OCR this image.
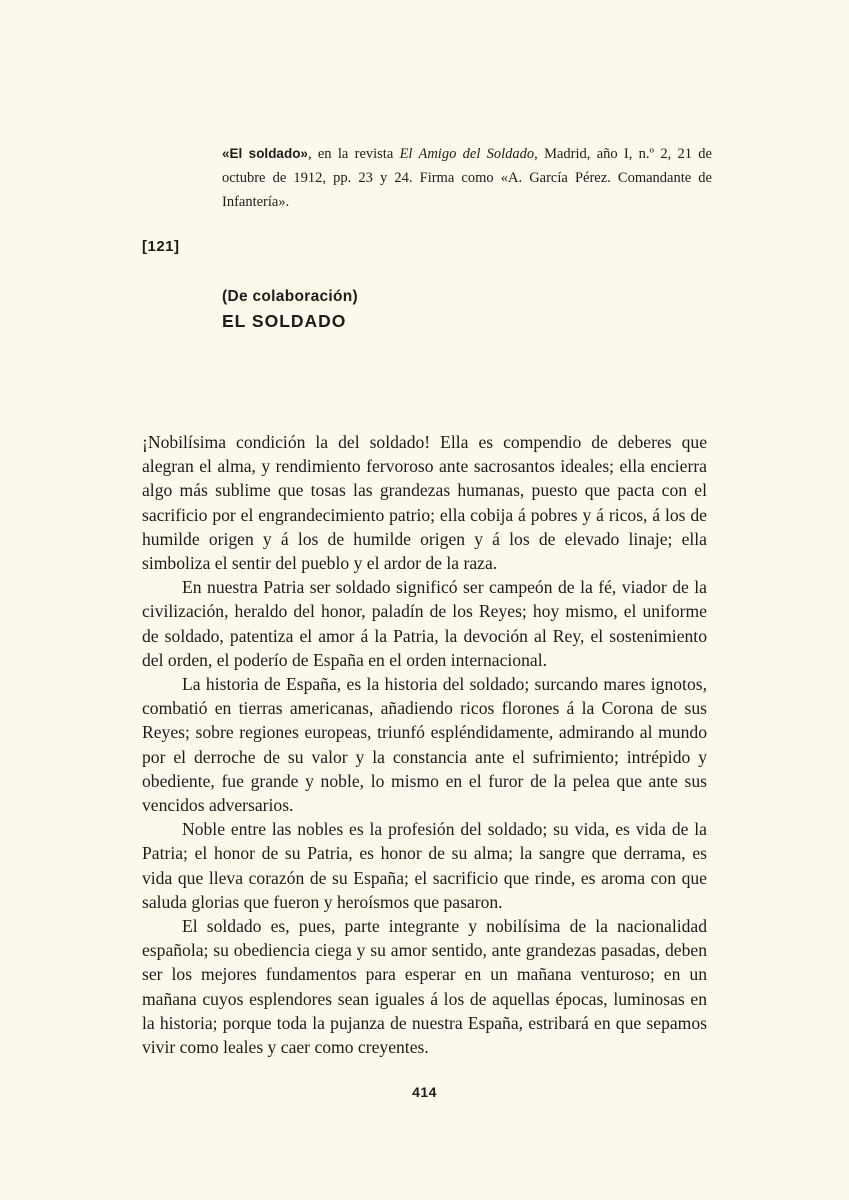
«El soldado», en la revista El Amigo del Soldado, Madrid, año I, n.º 2, 21 de octubre de 1912, pp. 23 y 24. Firma como «A. García Pérez. Comandante de Infantería».
[121]
(De colaboración)
EL SOLDADO

¡Nobilísima condición la del soldado! Ella es compendio de deberes que alegran el alma, y rendimiento fervoroso ante sacrosantos ideales; ella encierra algo más sublime que tosas las grandezas humanas, puesto que pacta con el sacrificio por el engrandecimiento patrio; ella cobija á pobres y á ricos, á los de humilde origen y á los de humilde origen y á los de elevado linaje; ella simboliza el sentir del pueblo y el ardor de la raza.

En nuestra Patria ser soldado significó ser campeón de la fé, viador de la civilización, heraldo del honor, paladín de los Reyes; hoy mismo, el uniforme de soldado, patentiza el amor á la Patria, la devoción al Rey, el sostenimiento del orden, el poderío de España en el orden internacional.

La historia de España, es la historia del soldado; surcando mares ignotos, combatió en tierras americanas, añadiendo ricos florones á la Corona de sus Reyes; sobre regiones europeas, triunfó espléndidamente, admirando al mundo por el derroche de su valor y la constancia ante el sufrimiento; intrépido y obediente, fue grande y noble, lo mismo en el furor de la pelea que ante sus vencidos adversarios.

Noble entre las nobles es la profesión del soldado; su vida, es vida de la Patria; el honor de su Patria, es honor de su alma; la sangre que derrama, es vida que lleva corazón de su España; el sacrificio que rinde, es aroma con que saluda glorias que fueron y heroísmos que pasaron.

El soldado es, pues, parte integrante y nobilísima de la nacionalidad española; su obediencia ciega y su amor sentido, ante grandezas pasadas, deben ser los mejores fundamentos para esperar en un mañana venturoso; en un mañana cuyos esplendores sean iguales á los de aquellas épocas, luminosas en la historia; porque toda la pujanza de nuestra España, estribará en que sepamos vivir como leales y caer como creyentes.

414
